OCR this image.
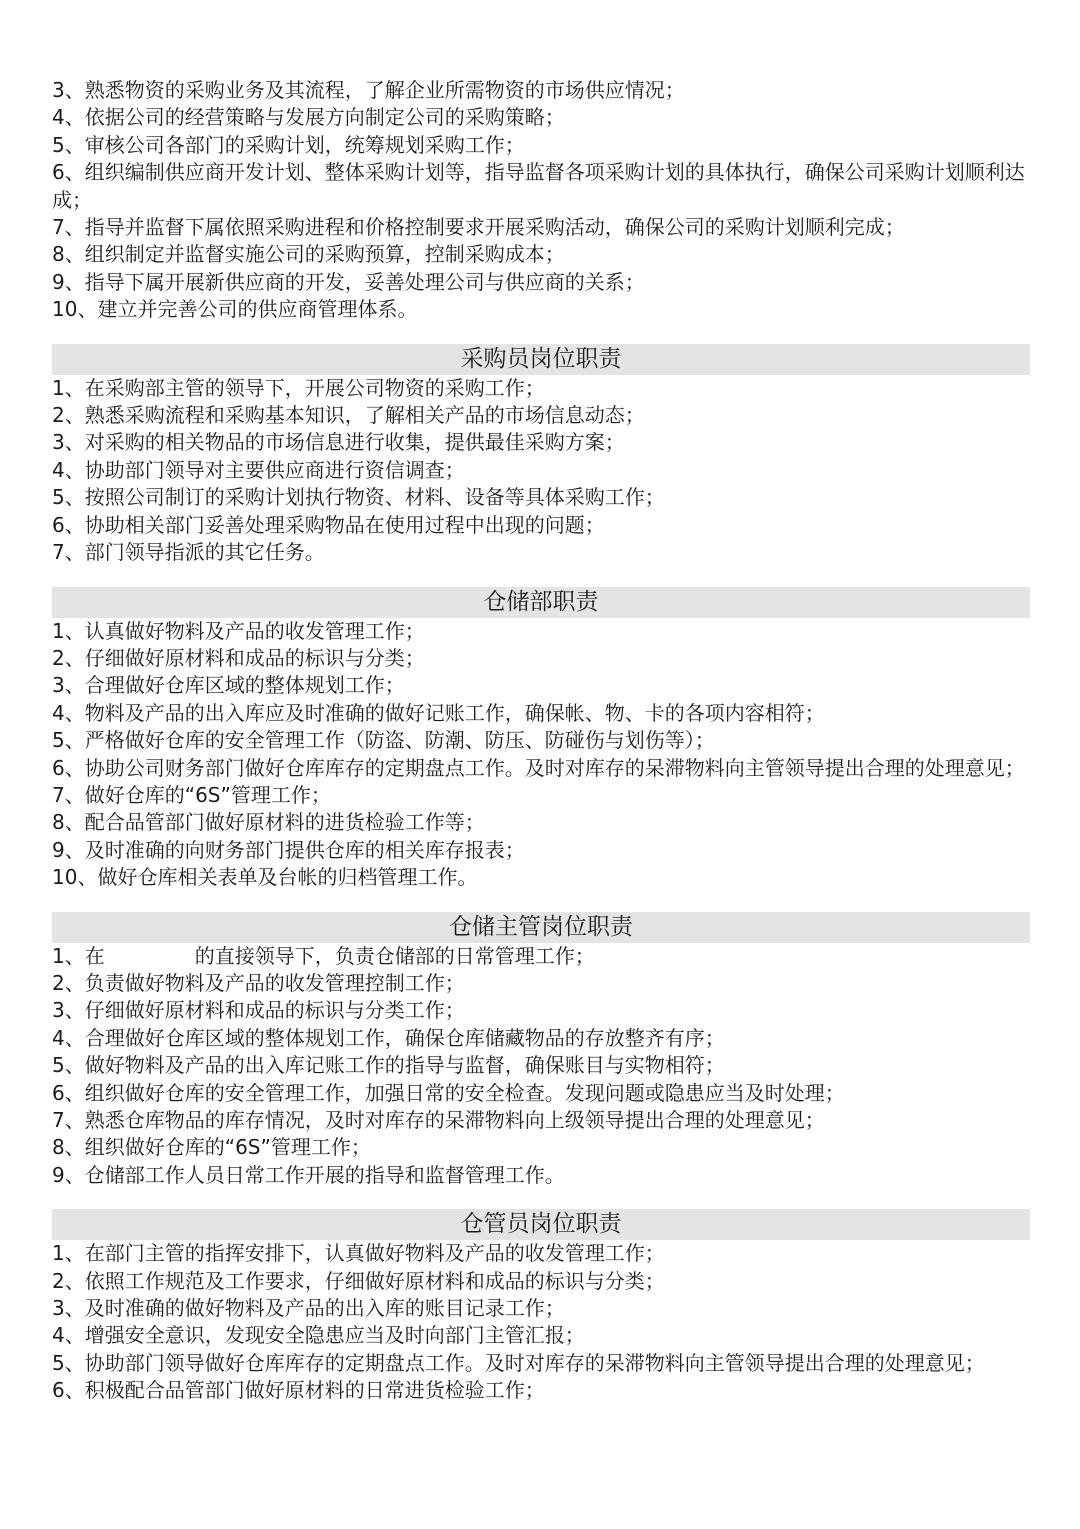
3、熟悉物资的采购业务及其流程，了解企业所需物资的市场供应情况；

4、依据公司的经营策略与发展方向制定公司的采购策略；

5、审核公司各部门的采购计划，统筹规划采购工作；

6、组织编制供应商开发计划、整体采购计划等，指导监督各项采购计划的具体执行，确保公司采购计划顺利达成；

7、指导并监督下属依照采购进程和价格控制要求开展采购活动，确保公司的采购计划顺利完成；

8、组织制定并监督实施公司的采购预算，控制采购成本；

9、指导下属开展新供应商的开发，妥善处理公司与供应商的关系；

10、建立并完善公司的供应商管理体系。

采购员岗位职责

1、在采购部主管的领导下，开展公司物资的采购工作；

2、熟悉采购流程和采购基本知识，了解相关产品的市场信息动态；

3、对采购的相关物品的市场信息进行收集，提供最佳采购方案；

4、协助部门领导对主要供应商进行资信调查；

5、按照公司制订的采购计划执行物资、材料、设备等具体采购工作；

6、协助相关部门妥善处理采购物品在使用过程中出现的问题；

7、部门领导指派的其它任务。

仓储部职责

1、认真做好物料及产品的收发管理工作；

2、仔细做好原材料和成品的标识与分类；

3、合理做好仓库区域的整体规划工作；

4、物料及产品的出入库应及时准确的做好记账工作，确保帐、物、卡的各项内容相符；

5、严格做好仓库的安全管理工作（防盗、防潮、防压、防碰伤与划伤等）；

6、协助公司财务部门做好仓库库存的定期盘点工作。及时对库存的呆滞物料向主管领导提出合理的处理意见；

7、做好仓库的“6S”管理工作；

8、配合品管部门做好原材料的进货检验工作等；

9、及时准确的向财务部门提供仓库的相关库存报表；

10、做好仓库相关表单及台帐的归档管理工作。

仓储主管岗位职责

1、在	的直接领导下，负责仓储部的日常管理工作；

2、负责做好物料及产品的收发管理控制工作；

3、仔细做好原材料和成品的标识与分类工作；

4、合理做好仓库区域的整体规划工作，确保仓库储藏物品的存放整齐有序；

5、做好物料及产品的出入库记账工作的指导与监督，确保账目与实物相符；

6、组织做好仓库的安全管理工作，加强日常的安全检查。发现问题或隐患应当及时处理；

7、熟悉仓库物品的库存情况，及时对库存的呆滞物料向上级领导提出合理的处理意见；

8、组织做好仓库的“6S”管理工作；

9、仓储部工作人员日常工作开展的指导和监督管理工作。

仓管员岗位职责

1、在部门主管的指挥安排下，认真做好物料及产品的收发管理工作；

2、依照工作规范及工作要求，仔细做好原材料和成品的标识与分类；

3、及时准确的做好物料及产品的出入库的账目记录工作；

4、增强安全意识，发现安全隐患应当及时向部门主管汇报；

5、协助部门领导做好仓库库存的定期盘点工作。及时对库存的呆滞物料向主管领导提出合理的处理意见；

6、积极配合品管部门做好原材料的日常进货检验工作；
